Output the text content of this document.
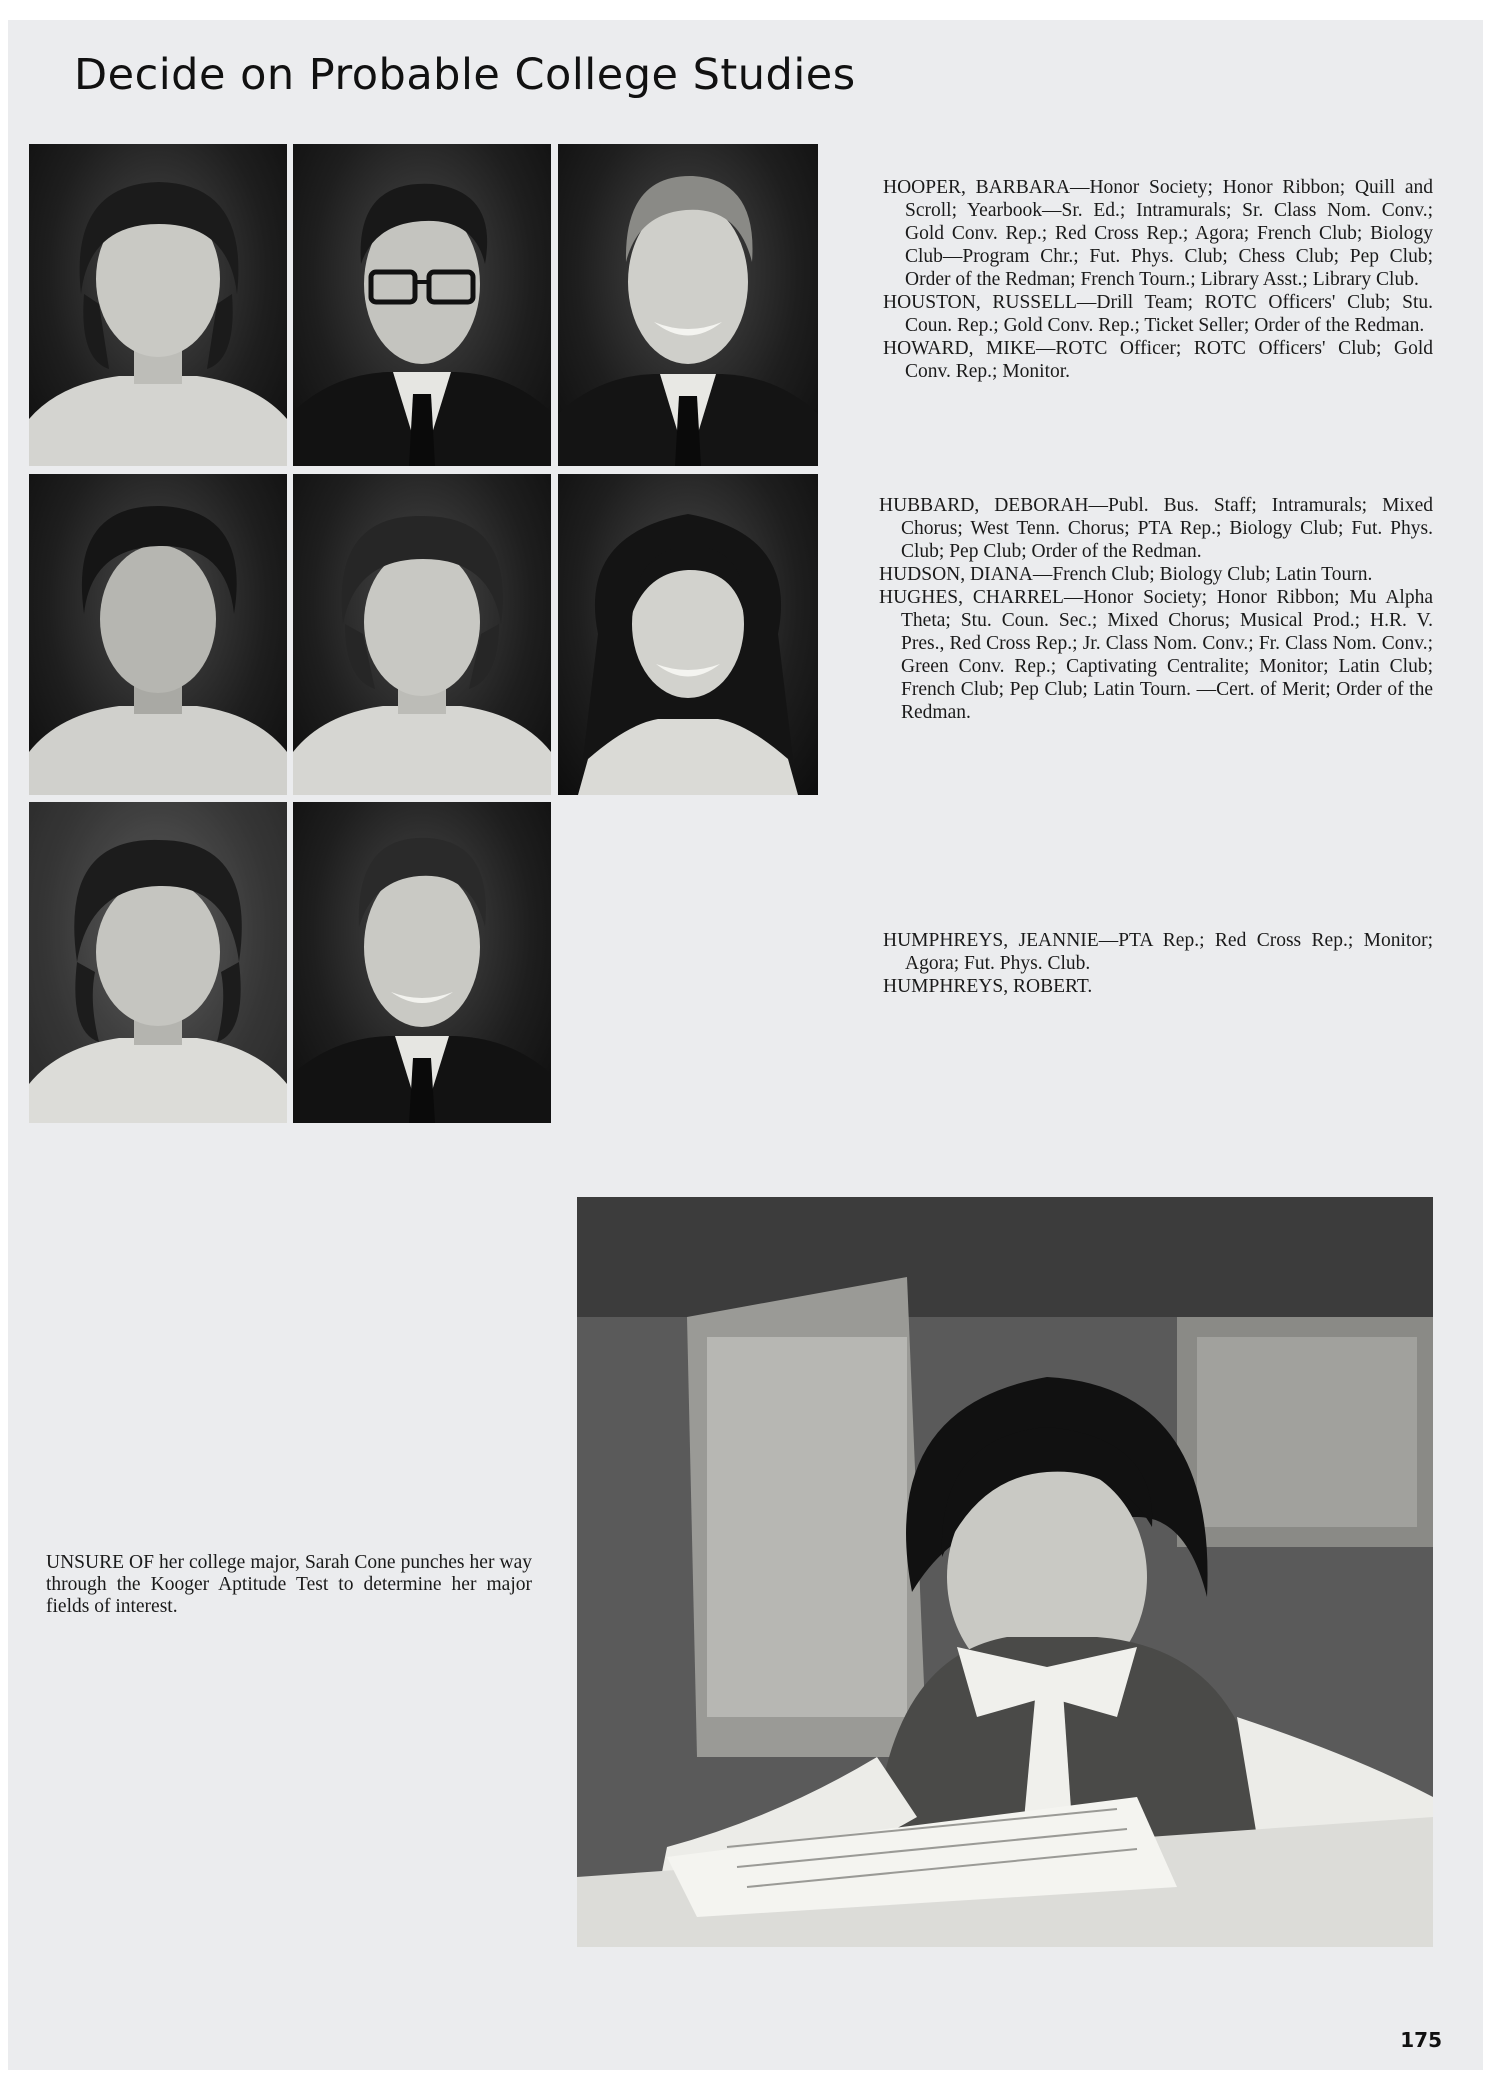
Decide on Probable College Studies

HOOPER, BARBARA—Honor Society; Honor Ribbon; Quill and Scroll; Yearbook—Sr. Ed.; Intramurals; Sr. Class Nom. Conv.; Gold Conv. Rep.; Red Cross Rep.; Agora; French Club; Biology Club—Program Chr.; Fut. Phys. Club; Chess Club; Pep Club; Order of the Redman; French Tourn.; Library Asst.; Library Club.

HOUSTON, RUSSELL—Drill Team; ROTC Officers' Club; Stu. Coun. Rep.; Gold Conv. Rep.; Ticket Seller; Order of the Redman.

HOWARD, MIKE—ROTC Officer; ROTC Officers' Club; Gold Conv. Rep.; Monitor.

HUBBARD, DEBORAH—Publ. Bus. Staff; Intramurals; Mixed Chorus; West Tenn. Chorus; PTA Rep.; Biology Club; Fut. Phys. Club; Pep Club; Order of the Redman.

HUDSON, DIANA—French Club; Biology Club; Latin Tourn.

HUGHES, CHARREL—Honor Society; Honor Ribbon; Mu Alpha Theta; Stu. Coun. Sec.; Mixed Chorus; Musical Prod.; H.R. V. Pres., Red Cross Rep.; Jr. Class Nom. Conv.; Fr. Class Nom. Conv.; Green Conv. Rep.; Captivating Centralite; Monitor; Latin Club; French Club; Pep Club; Latin Tourn. —Cert. of Merit; Order of the Redman.

HUMPHREYS, JEANNIE—PTA Rep.; Red Cross Rep.; Monitor; Agora; Fut. Phys. Club.

HUMPHREYS, ROBERT.

UNSURE OF her college major, Sarah Cone punches her way through the Kooger Aptitude Test to determine her major fields of interest.

175
